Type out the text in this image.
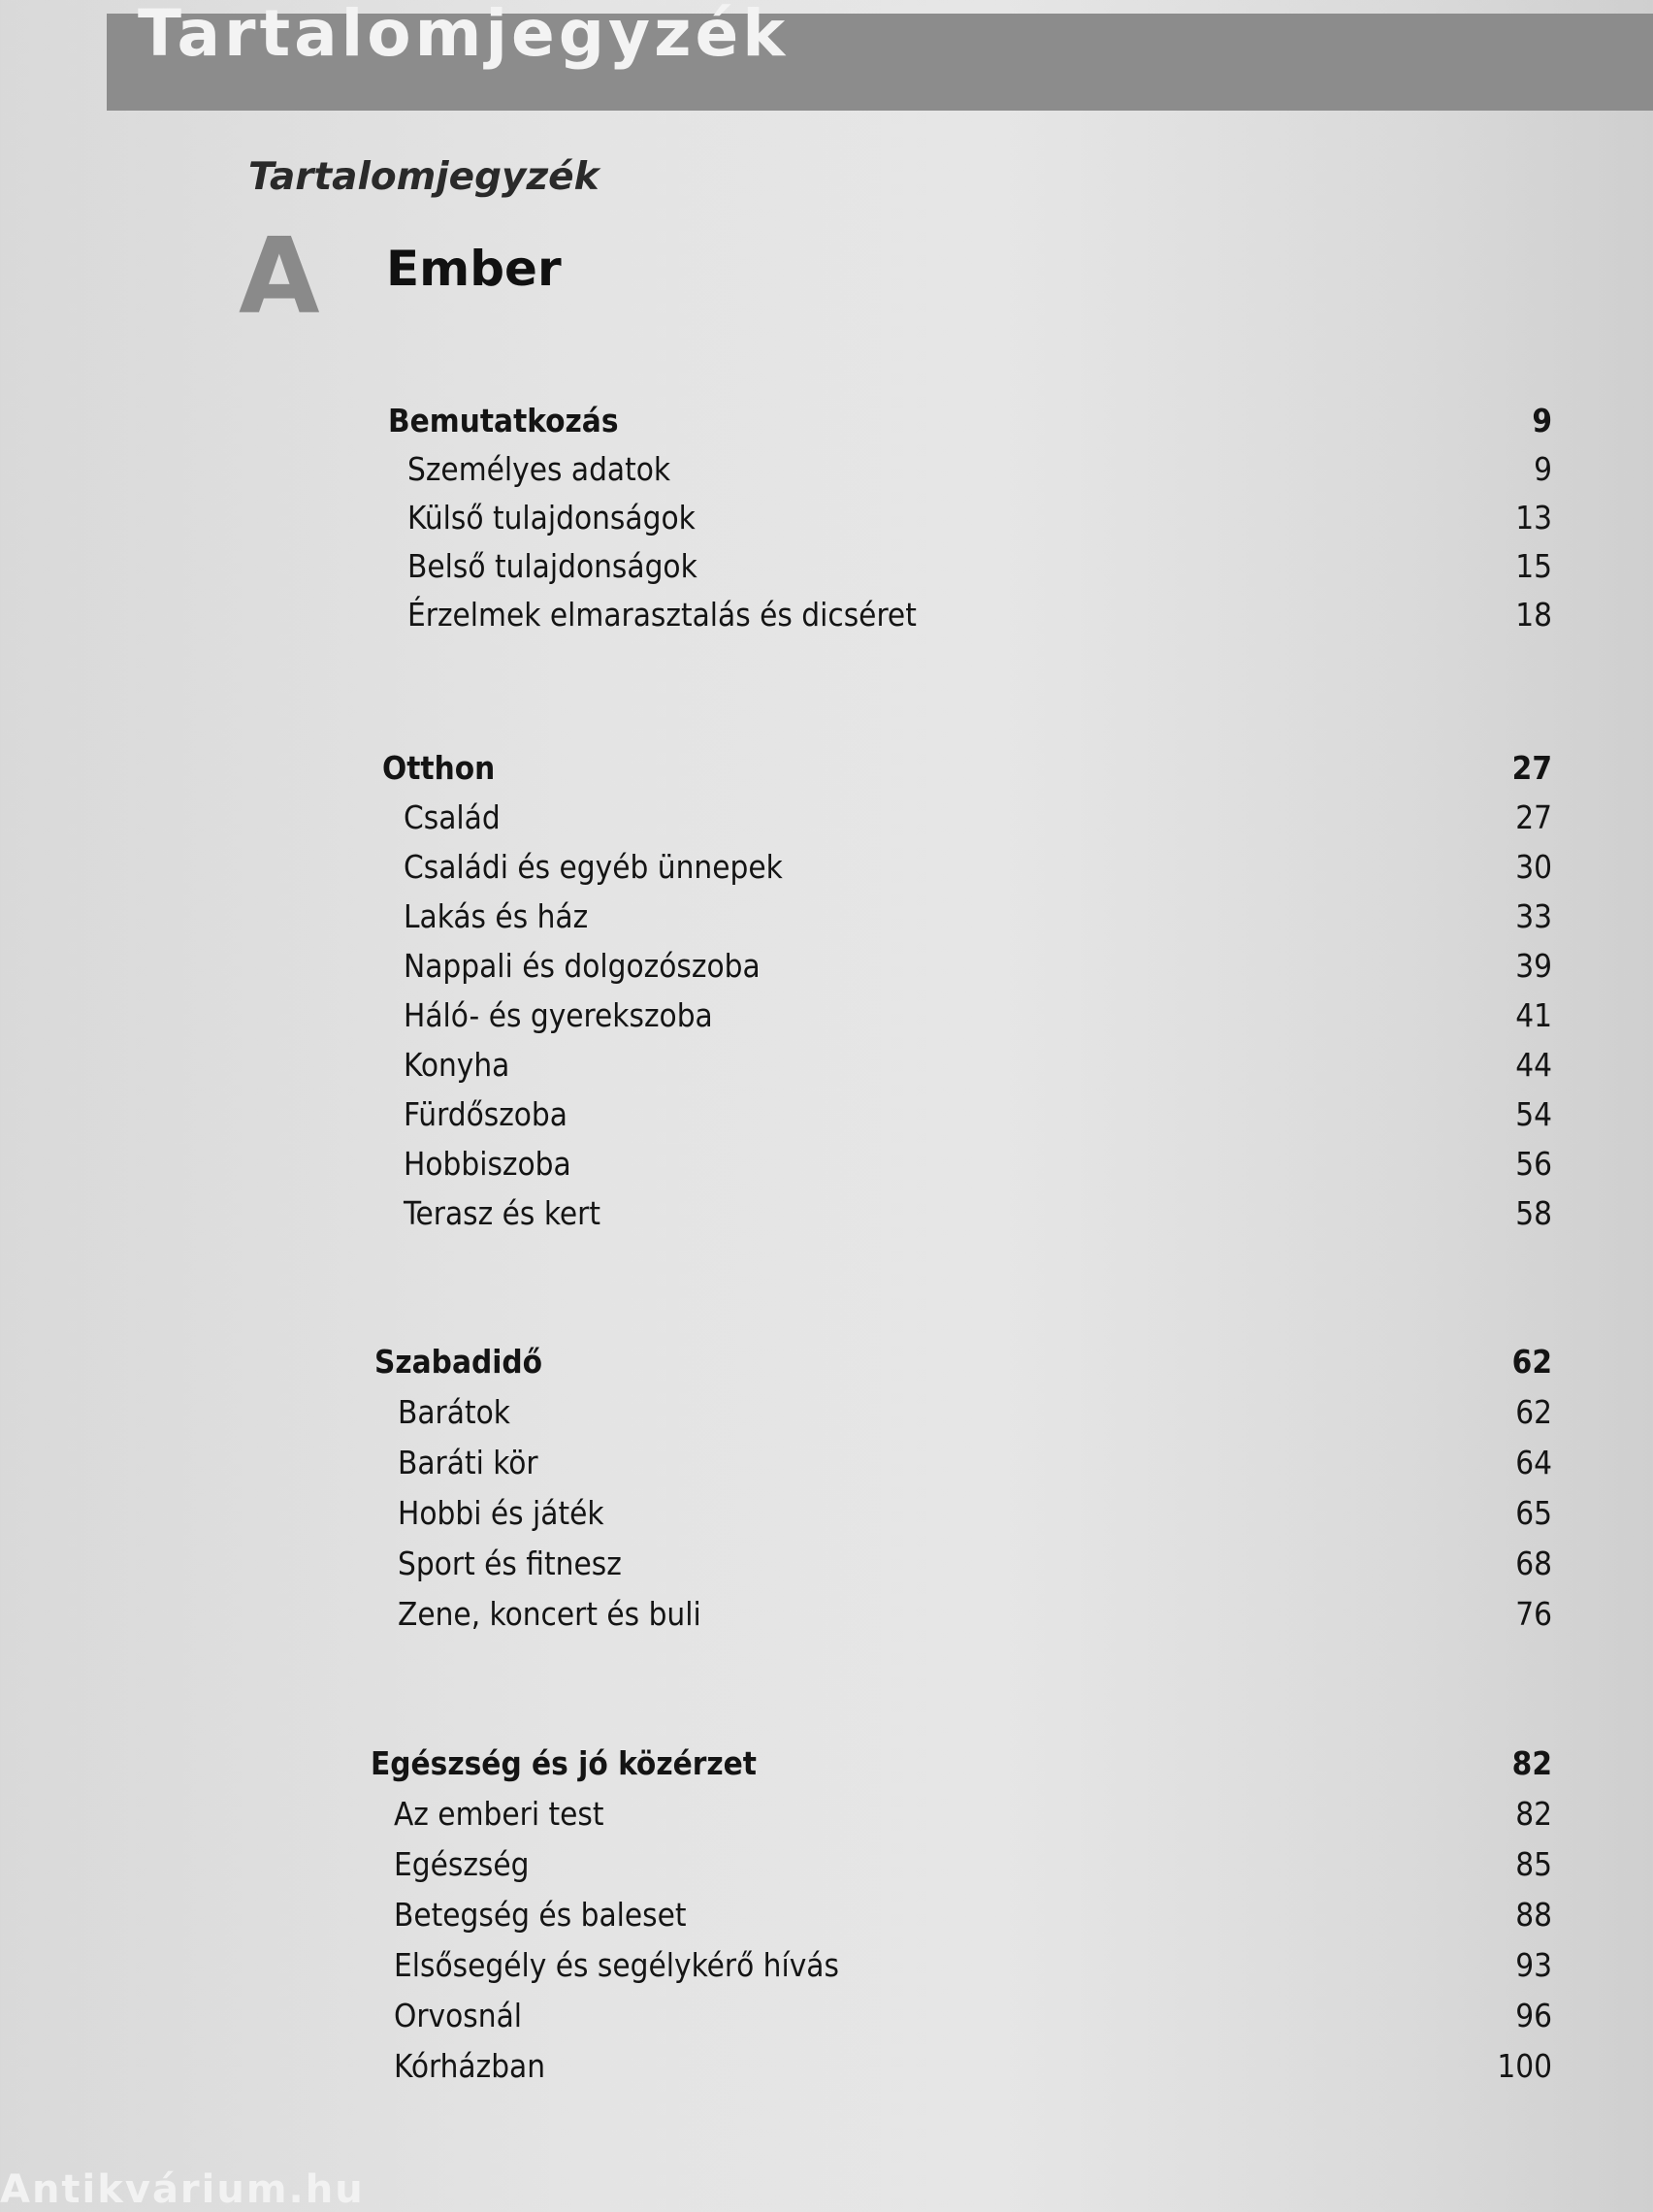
Tartalomjegyzék
Tartalomjegyzék
A Ember
Bemutatkozás	9
Személyes adatok	9
Külső tulajdonságok	13
Belső tulajdonságok	15
Érzelmek elmarasztalás és dicséret	18
Otthon	27
Család	27
Családi és egyéb ünnepek	30
Lakás és ház	33
Nappali és dolgozószoba	39
Háló- és gyerekszoba	41
Konyha	44
Fürdőszoba	54
Hobbiszoba	56
Terasz és kert	58
Szabadidő	62
Barátok	62
Baráti kör	64
Hobbi és játék	65
Sport és fitnesz	68
Zene, koncert és buli	76
Egészség és jó közérzet	82
Az emberi test	82
Egészség	85
Betegség és baleset	88
Elsősegély és segélykérő hívás	93
Orvosnál	96
Kórházban	100
Antikvárium.hu
